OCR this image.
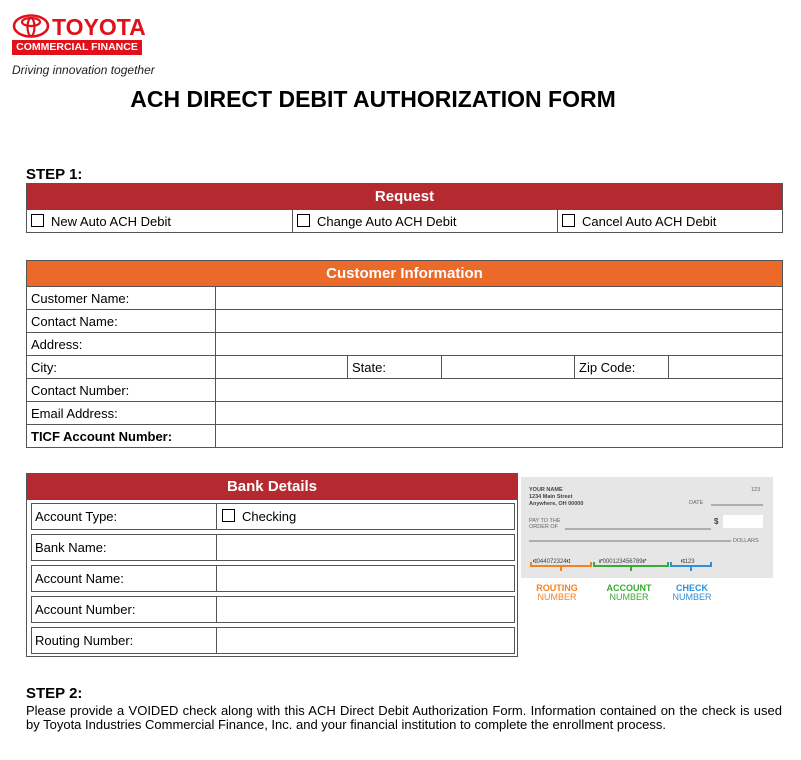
TOYOTA
COMMERCIAL FINANCE
Driving innovation together
ACH DIRECT DEBIT AUTHORIZATION FORM
STEP 1:
Request
New Auto ACH Debit	Change Auto ACH Debit	Cancel Auto ACH Debit
Customer Information					
Customer Name:					
Contact Name:					
Address:					
City:		State:		Zip Code:	
Contact Number:					
Email Address:					
TICF Account Number:					
Bank Details
Account Type:	Checking
Bank Name:
Account Name:
Account Number:
Routing Number:
YOUR NAME
1234 Main Street
Anywhere, OH 00000
123
DATE
PAY TO THE
ORDER OF
$
DOLLARS
⑆044072324⑆	⑈000123456789⑈	⑆123
ROUTING
NUMBER
ACCOUNT
NUMBER
CHECK
NUMBER
STEP 2:
Please provide a VOIDED check along with this ACH Direct Debit Authorization Form. Information contained on the check is used by Toyota Industries Commercial Finance, Inc. and your financial institution to complete the enrollment process.
